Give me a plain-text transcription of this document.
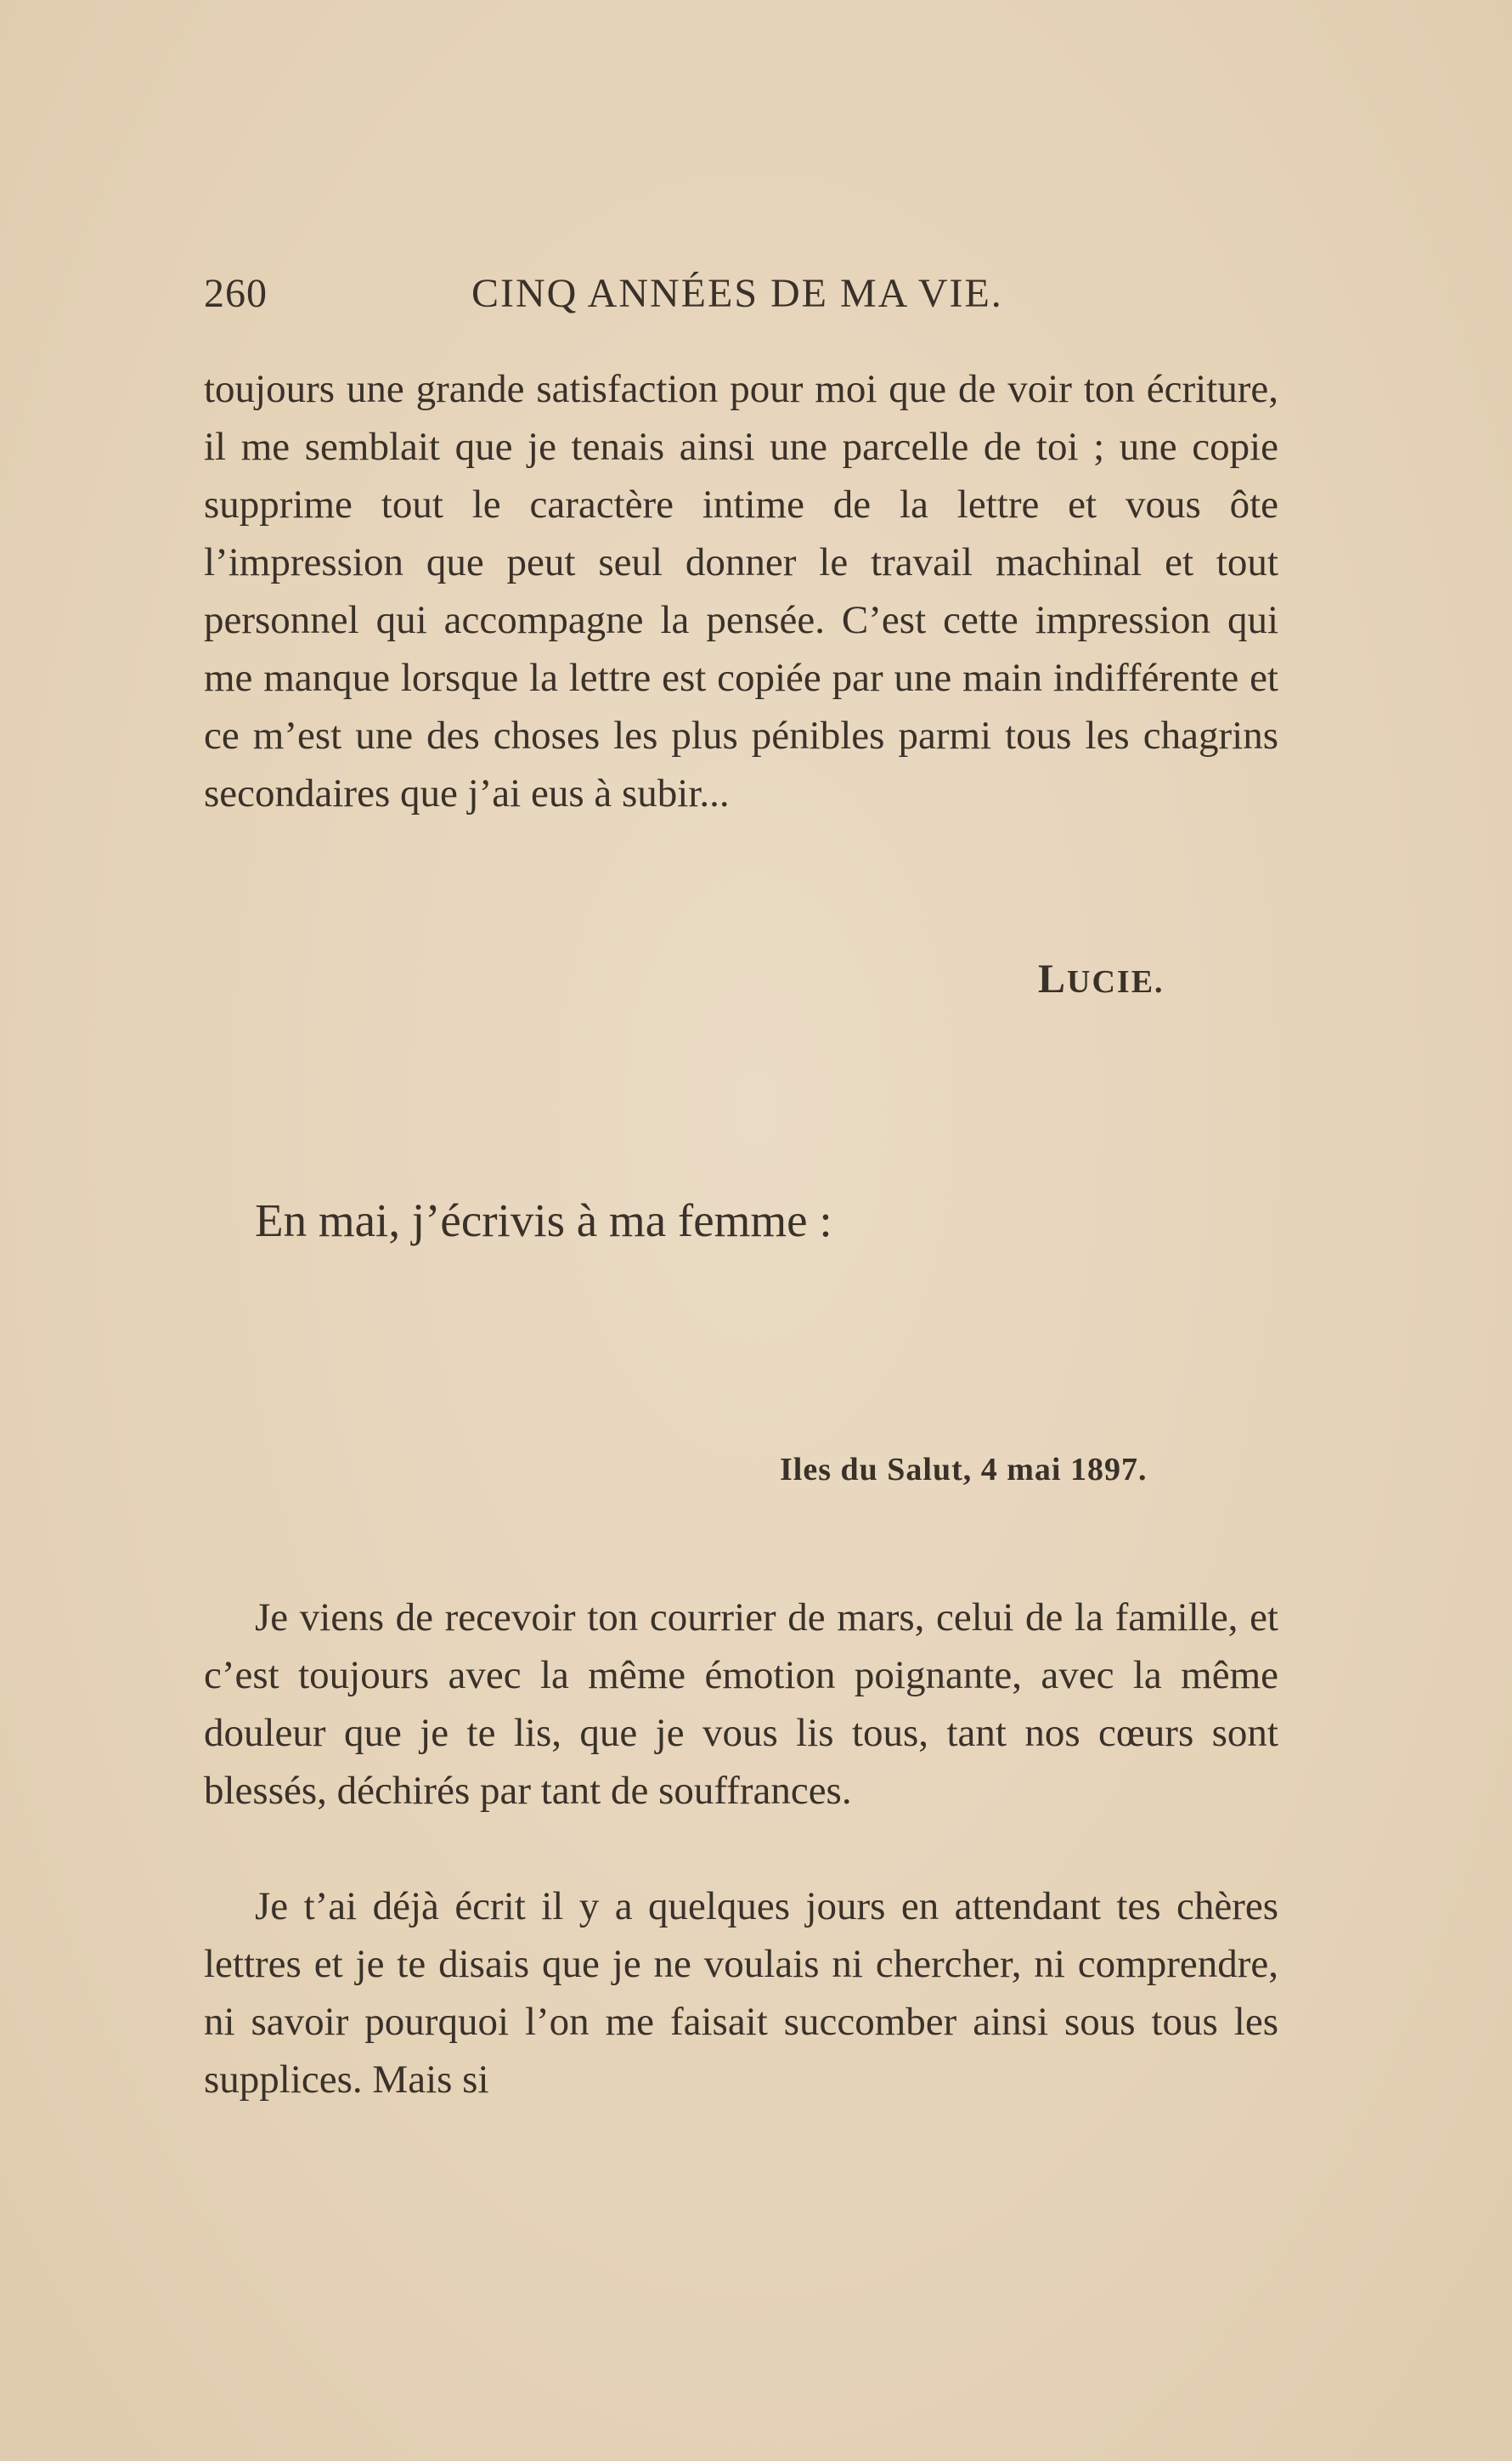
260	CINQ ANNÉES DE MA VIE.

toujours une grande satisfaction pour moi que de voir ton écriture, il me semblait que je tenais ainsi une parcelle de toi ; une copie supprime tout le caractère intime de la lettre et vous ôte l’impression que peut seul donner le travail machinal et tout personnel qui accompagne la pensée. C’est cette impression qui me manque lorsque la lettre est copiée par une main indifférente et ce m’est une des choses les plus pénibles parmi tous les chagrins secondaires que j’ai eus à subir...

LUCIE.
En mai, j’écrivis à ma femme :
Iles du Salut, 4 mai 1897.

Je viens de recevoir ton courrier de mars, celui de la famille, et c’est toujours avec la même émotion poignante, avec la même douleur que je te lis, que je vous lis tous, tant nos cœurs sont blessés, déchirés par tant de souffrances.

Je t’ai déjà écrit il y a quelques jours en attendant tes chères lettres et je te disais que je ne voulais ni chercher, ni comprendre, ni savoir pourquoi l’on me faisait succomber ainsi sous tous les supplices. Mais si
